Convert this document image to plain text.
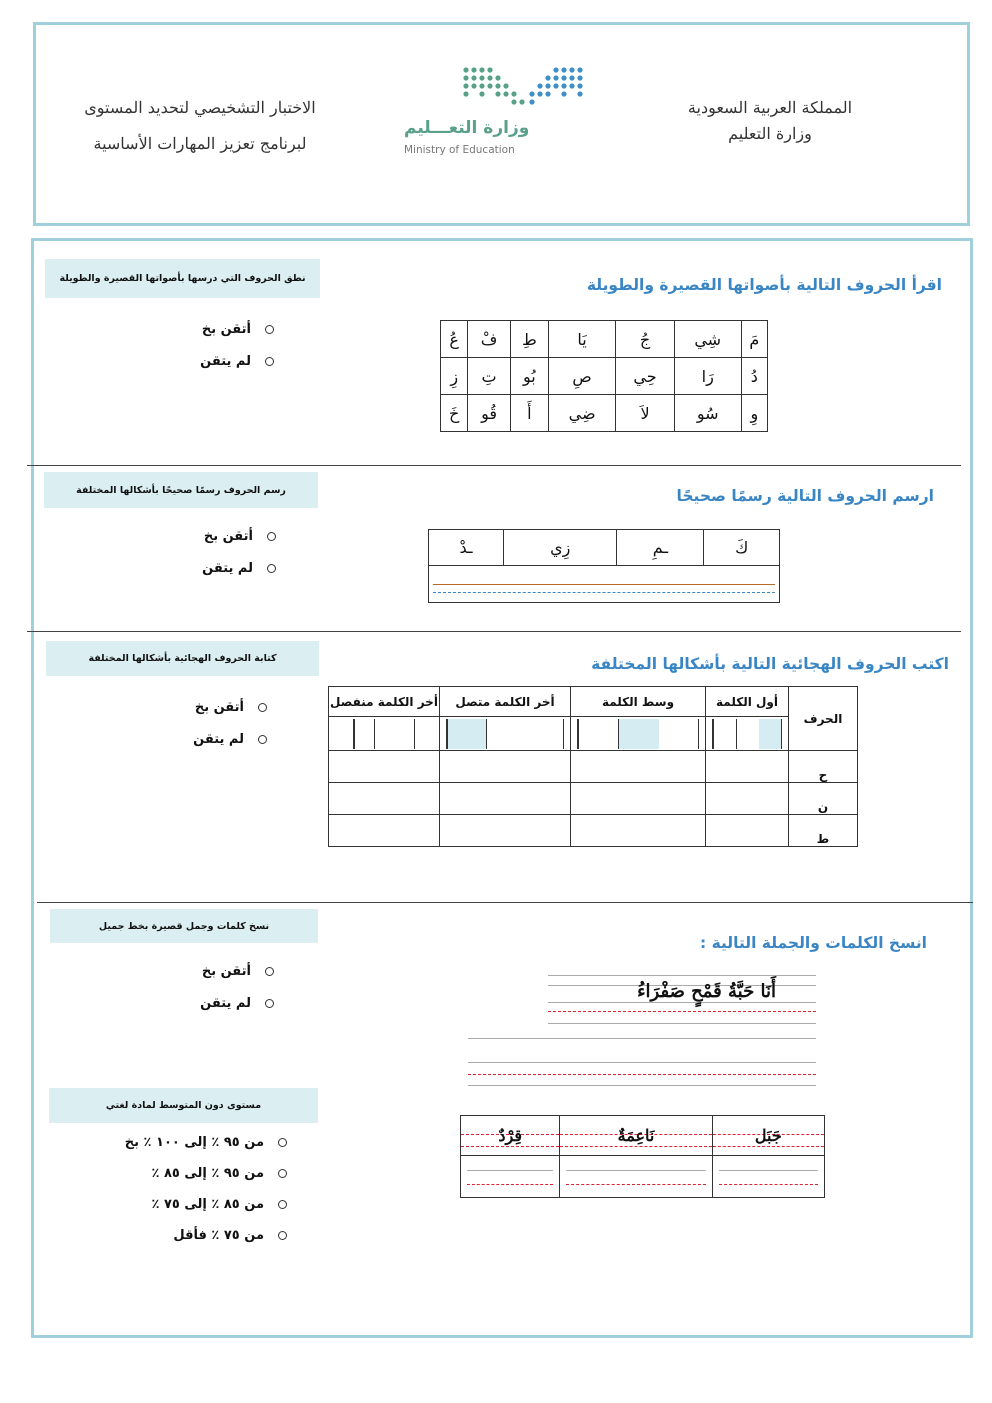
المملكة العربية السعودية
وزارة التعليم
وزارة التعـــليم
Ministry of Education
الاختبار التشخيصي لتحديد المستوى
لبرنامج تعزيز المهارات الأساسية
اقرأ الحروف التالية بأصواتها القصيرة والطويلة
نطق الحروف التي درسها بأصواتها القصيرة والطويلة
أتقن بخ
لم يتقن
مَ	شِي	جُ	يَا	طِ	فْ	عُ
دُ	رَا	حِي	صِ	بُو	تِ	زِ
وِ	سُو	لاَ	ضِي	أَ	قُو	خَ
ارسم الحروف التالية رسمًا صحيحًا
رسم الحروف رسمًا صحيحًا بأشكالها المختلفة
أتقن بخ
لم يتقن
كَ	ـمِ	زِي	ـدْ

اكتب الحروف الهجائية التالية بأشكالها المختلفة
كتابة الحروف الهجائية بأشكالها المختلفة
أتقن بخ
لم يتقن
الحرف	أول الكلمة	وسط الكلمة	أخر الكلمة متصل	أخر الكلمة منفصل

ح				
ن				
ط				
انسخ الكلمات والجملة التالية :
نسخ كلمات وجمل قصيرة بخط جميل
أتقن بخ
لم يتقن
أَنَا حَبَّةُ قَمْحٍ صَفْرَاءُ
جَبَل	نَاعِمَةٌ	قِرْدٌ

مستوى دون المتوسط لمادة لغتي
من ٩٥ ٪ إلى ١٠٠ ٪ بخ
من ٩٥ ٪ إلى ٨٥ ٪
من ٨٥ ٪ إلى ٧٥ ٪
من ٧٥ ٪ فأقل
